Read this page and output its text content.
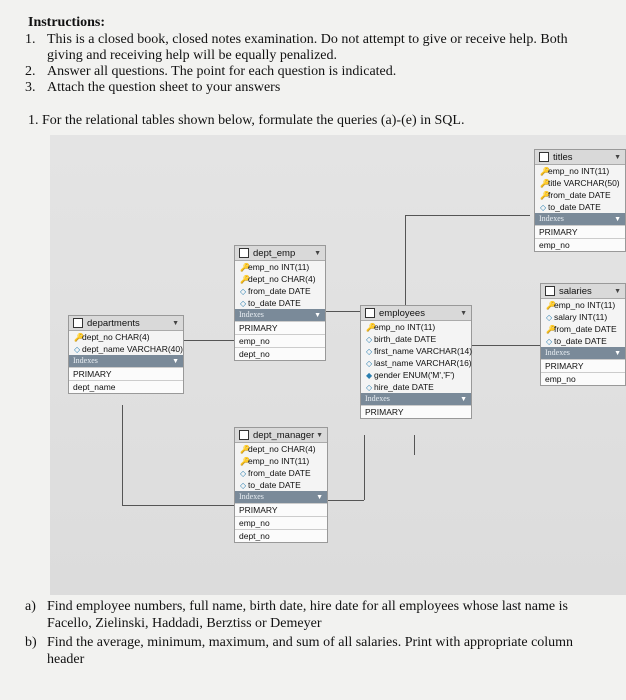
Instructions:
1. This is a closed book, closed notes examination. Do not attempt to give or receive help. Both giving and receiving help will be equally penalized.
2. Answer all questions. The point for each question is indicated.
3. Attach the question sheet to your answers
1. For the relational tables shown below, formulate the queries (a)-(e) in SQL.
titles	▼
🔑emp_no INT(11)
🔑title VARCHAR(50)
🔑from_date DATE
◇ to_date DATE
Indexes	▼
PRIMARY
emp_no
dept_emp	▼
🔑emp_no INT(11)
🔑dept_no CHAR(4)
◇ from_date DATE
◇ to_date DATE
Indexes	▼
PRIMARY
emp_no
dept_no
departments	▼
🔑dept_no CHAR(4)
◇ dept_name VARCHAR(40)
Indexes	▼
PRIMARY
dept_name
employees	▼
🔑emp_no INT(11)
◇ birth_date DATE
◇ first_name VARCHAR(14)
◇ last_name VARCHAR(16)
◆ gender ENUM('M','F')
◇ hire_date DATE
Indexes	▼
PRIMARY
salaries	▼
🔑emp_no INT(11)
◇ salary INT(11)
🔑from_date DATE
◇ to_date DATE
Indexes	▼
PRIMARY
emp_no
dept_manager ▼
🔑dept_no CHAR(4)
🔑emp_no INT(11)
◇ from_date DATE
◇ to_date DATE
Indexes	▼
PRIMARY
emp_no
dept_no
a) Find employee numbers, full name, birth date, hire date for all employees whose last name is Facello, Zielinski, Haddadi, Berztiss or Demeyer
b) Find the average, minimum, maximum, and sum of all salaries. Print with appropriate column header
